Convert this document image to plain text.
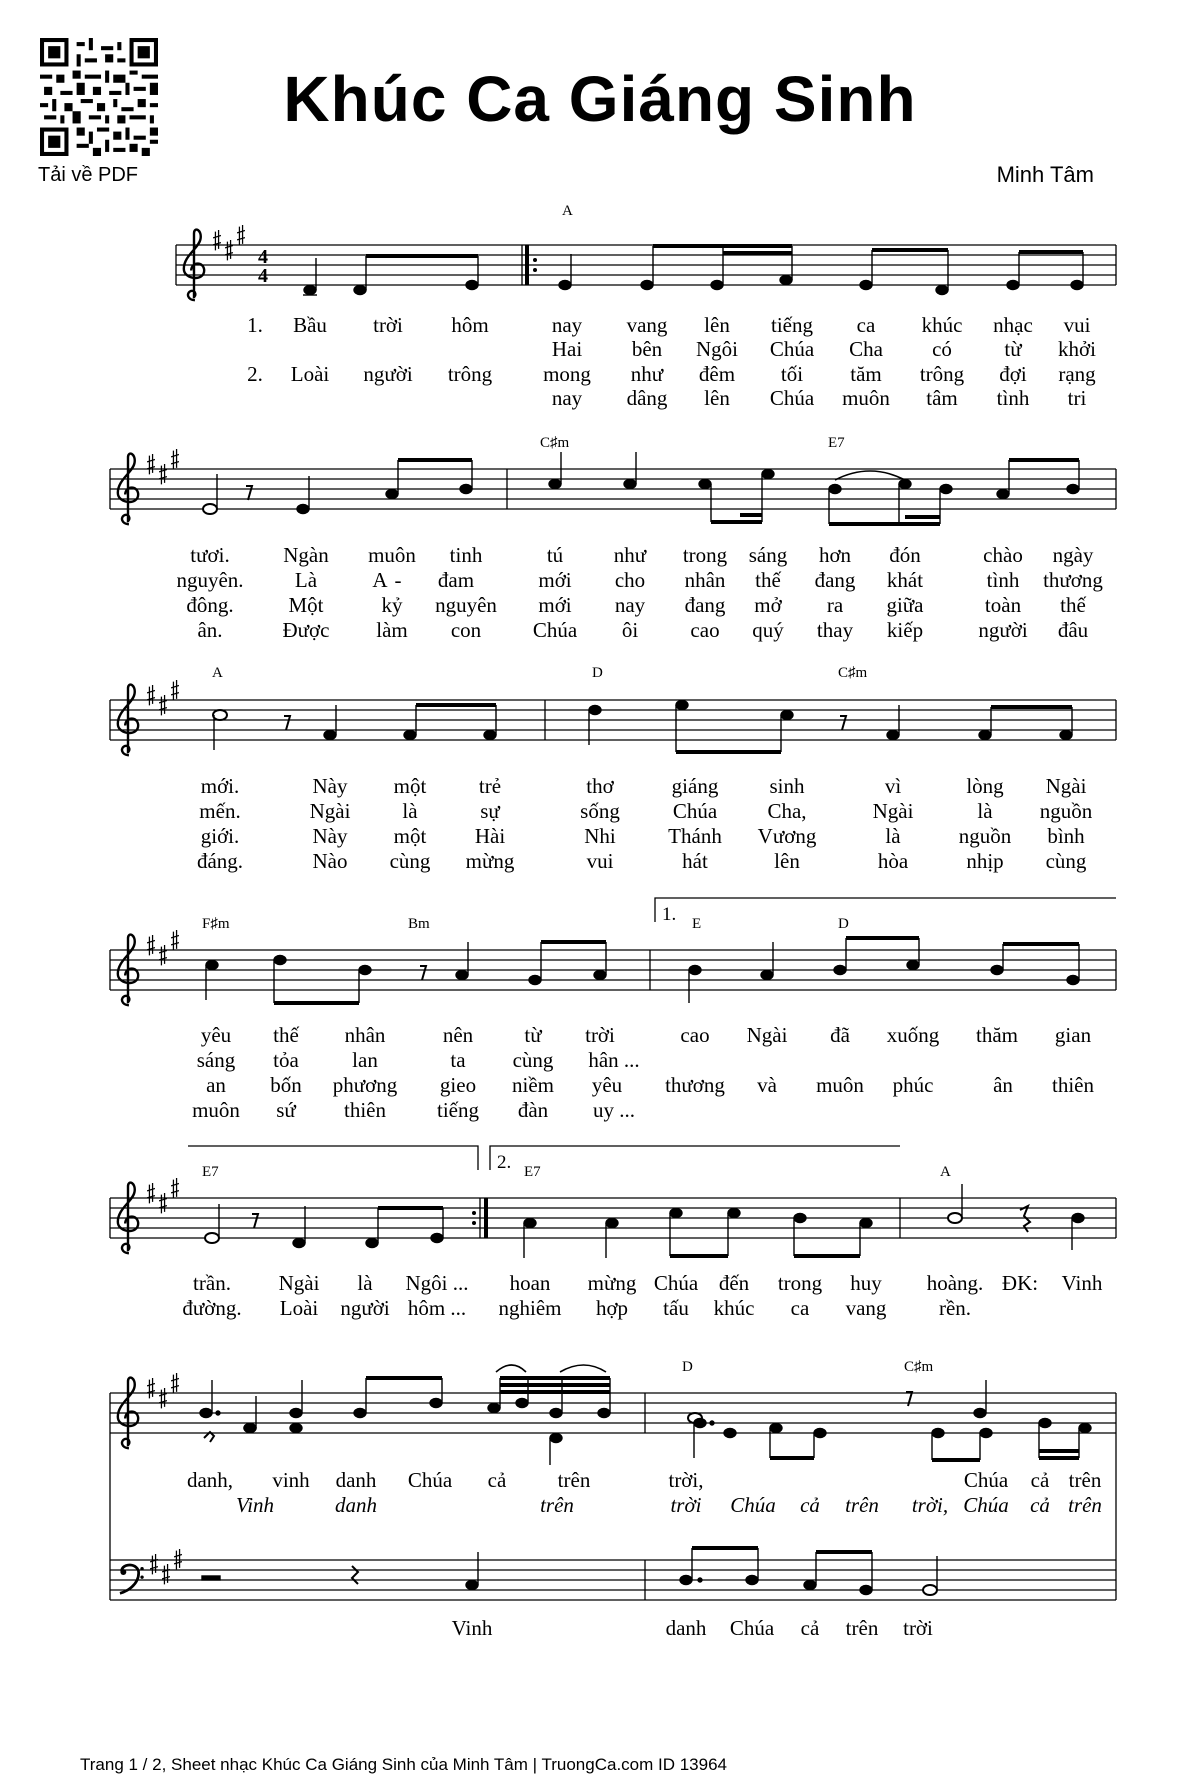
Tải về PDF
Khúc Ca Giáng Sinh
Minh Tâm
4
4
A
1. Bầu trời hôm	nay vang lên tiếng ca khúc nhạc vui
Hai bên Ngôi Chúa Cha có từ khởi
2. Loài người trông mong như đêm tối tăm trông đợi rạng
nay dâng lên Chúa muôn tâm tình tri
C♯m	E7
tươi.	Ngàn muôn tinh	tú như trong sáng hơn đón	chào ngày
nguyên. Là	A - đam	mới cho nhân thế đang khát	tình thương
đông.	Một	kỷ nguyên mới nay đang mở ra giữa	toàn thế
ân.	Được làm con Chúa ôi cao quý thay kiếp	người đâu
A	D	C♯m
mới.	Này một	trẻ	thơ	giáng sinh	vì	lòng Ngài
mến.	Ngài là	sự	sống	Chúa Cha,	Ngài	là nguồn
giới.	Này một Hài	Nhi Thánh Vương	là	nguồn bình
đáng.	Nào cùng mừng	vui	hát	lên	hòa	nhịp cùng
1.
F♯m	Bm	E	D
yêu thế nhân	nên từ trời	cao Ngài đã xuống thăm gian
sáng tỏa	lan	ta cùng hân ...
an bốn phương gieo niềm yêu thương và muôn phúc	ân thiên
muôn sứ thiên tiếng đàn uy ...
2.
E7	E7	A
trần. Ngài là Ngôi ... hoan mừng Chúa đến trong huy hoàng. ĐK: Vinh
đường. Loài người hôm ... nghiêm hợp tấu khúc ca vang	rền.
D	C♯m
danh, vinh danh Chúa cả trên	trời,	Chúa cả trên
Vinh	danh	trên	trời Chúa cả trên trời, Chúa cả trên
Vinh	danh Chúa cả trên trời
Trang 1 / 2, Sheet nhạc Khúc Ca Giáng Sinh của Minh Tâm | TruongCa.com ID 13964
